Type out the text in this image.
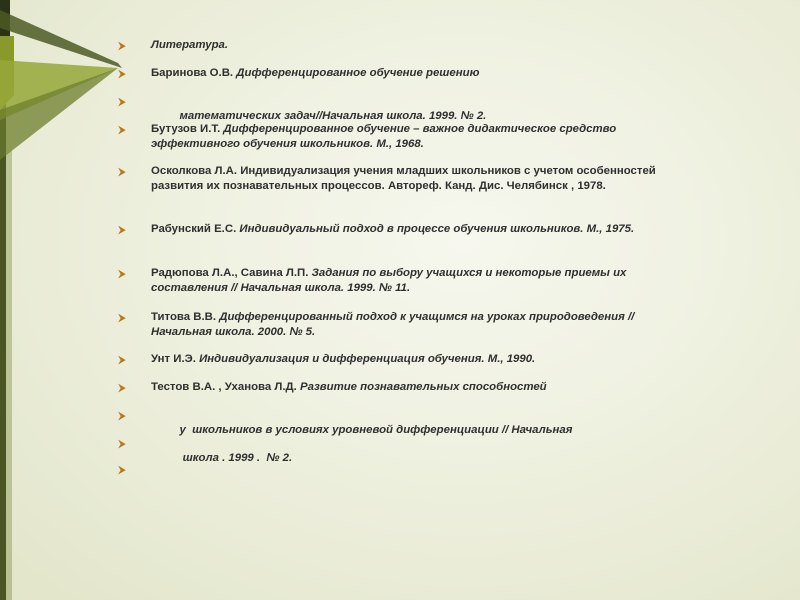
⮞ Литература.
⮞ Баринова О.В. Дифференцированное обучение решению
⮞

математических задач//Начальная школа. 1999. № 2.

⮞ Бутузов И.Т. Дифференцированное обучение – важное дидактическое средство эффективного обучения школьников. М., 1968.
⮞ Осколкова Л.А. Индивидуализация учения младших школьников с учетом особенностей развития их познавательных процессов. Автореф. Канд. Дис. Челябинск , 1978.
⮞ Рабунский Е.С. Индивидуальный подход в процессе обучения школьников. М., 1975.
⮞ Радюпова Л.А., Савина Л.П. Задания по выбору учащихся и некоторые приемы их составления // Начальная школа. 1999. № 11.
⮞ Титова В.В. Дифференцированный подход к учащимся на уроках природоведения // Начальная школа. 2000. № 5.
⮞ Унт И.Э. Индивидуализация и дифференциация обучения. М., 1990.
⮞ Тестов В.А. , Уханова Л.Д. Развитие познавательных способностей
⮞

у  школьников в условиях уровневой дифференциации // Начальная

⮞

школа . 1999 .  № 2.

⮞
